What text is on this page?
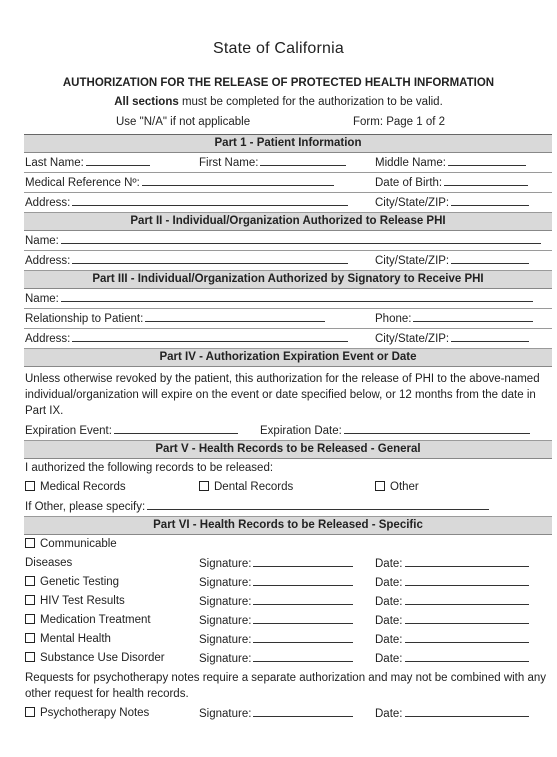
State of California
AUTHORIZATION FOR THE RELEASE OF PROTECTED HEALTH INFORMATION
All sections must be completed for the authorization to be valid.
Use "N/A" if not applicable	Form: Page 1 of 2
Part 1 - Patient Information
Last Name:	First Name:	Middle Name:
Medical Reference Nº:	Date of Birth:
Address:	City/State/ZIP:
Part II - Individual/Organization Authorized to Release PHI
Name:
Address:	City/State/ZIP:
Part III - Individual/Organization Authorized by Signatory to Receive PHI
Name:
Relationship to Patient:	Phone:
Address:	City/State/ZIP:
Part IV - Authorization Expiration Event or Date
Unless otherwise revoked by the patient, this authorization for the release of PHI to the above-named individual/organization will expire on the event or date specified below, or 12 months from the date in Part IX.
Expiration Event:	Expiration Date:
Part V - Health Records to be Released - General
I authorized the following records to be released:
Medical Records	Dental Records	Other
If Other, please specify:
Part VI - Health Records to be Released - Specific
Communicable
Diseases	Signature:	Date:
Genetic Testing	Signature:	Date:
HIV Test Results	Signature:	Date:
Medication Treatment	Signature:	Date:
Mental Health	Signature:	Date:
Substance Use Disorder	Signature:	Date:
Requests for psychotherapy notes require a separate authorization and may not be combined with any other request for health records.
Psychotherapy Notes	Signature:	Date:
